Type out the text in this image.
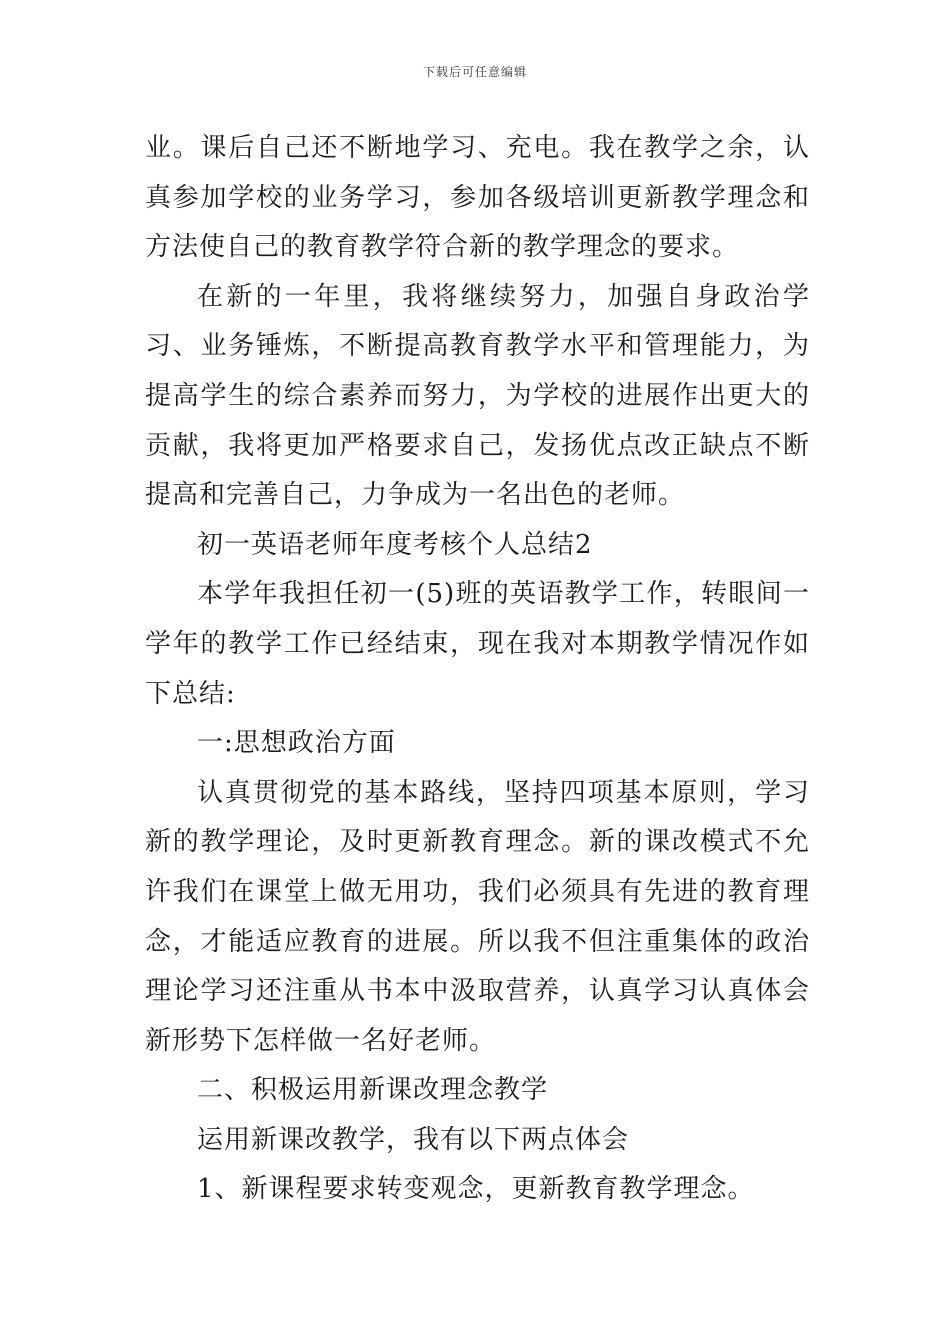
下载后可任意编辑

业。课后自己还不断地学习、充电。我在教学之余，认真参加学校的业务学习，参加各级培训更新教学理念和方法使自己的教育教学符合新的教学理念的要求。

在新的一年里，我将继续努力，加强自身政治学习、业务锤炼，不断提高教育教学水平和管理能力，为提高学生的综合素养而努力，为学校的进展作出更大的贡献，我将更加严格要求自己，发扬优点改正缺点不断提高和完善自己，力争成为一名出色的老师。

初一英语老师年度考核个人总结2

本学年我担任初一(5)班的英语教学工作，转眼间一学年的教学工作已经结束，现在我对本期教学情况作如下总结:

一:思想政治方面

认真贯彻党的基本路线，坚持四项基本原则，学习新的教学理论，及时更新教育理念。新的课改模式不允许我们在课堂上做无用功，我们必须具有先进的教育理念，才能适应教育的进展。所以我不但注重集体的政治理论学习还注重从书本中汲取营养，认真学习认真体会新形势下怎样做一名好老师。

二、积极运用新课改理念教学

运用新课改教学，我有以下两点体会

1、新课程要求转变观念，更新教育教学理念。
